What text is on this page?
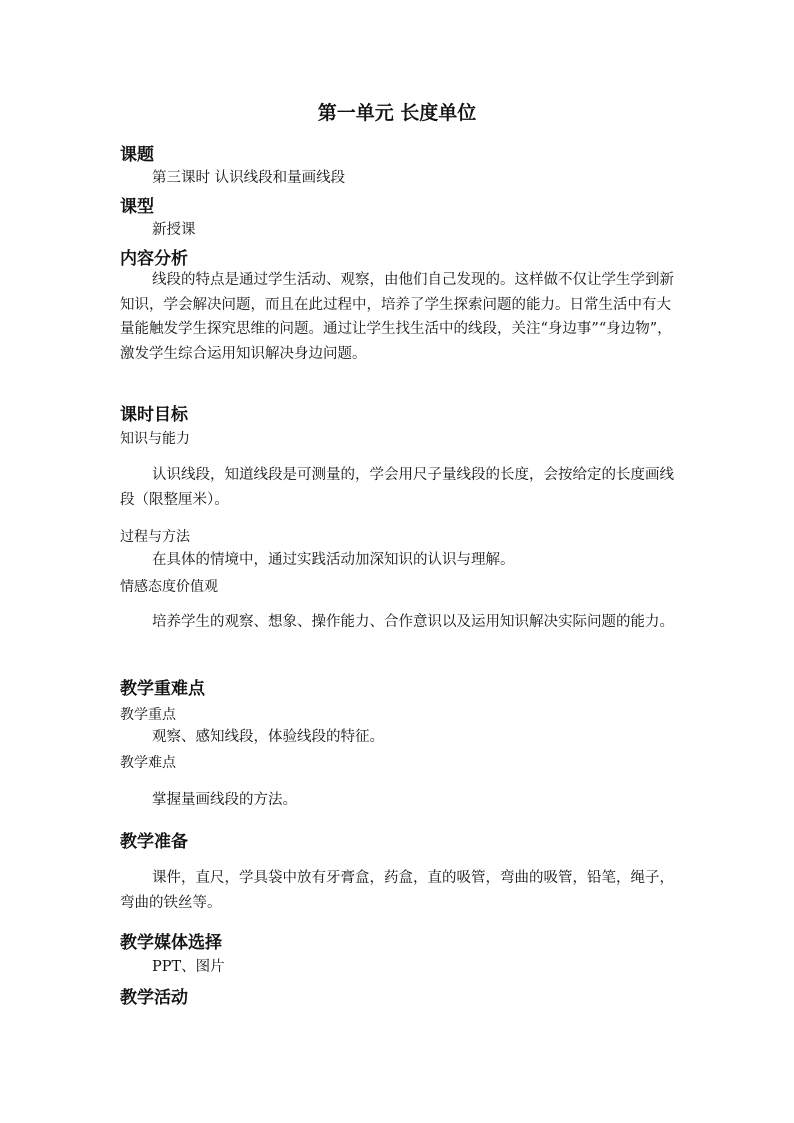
第一单元 长度单位
课题
第三课时 认识线段和量画线段
课型
新授课
内容分析
线段的特点是通过学生活动、观察，由他们自己发现的。这样做不仅让学生学到新知识，学会解决问题，而且在此过程中，培养了学生探索问题的能力。日常生活中有大量能触发学生探究思维的问题。通过让学生找生活中的线段，关注“身边事”“身边物”，激发学生综合运用知识解决身边问题。
课时目标
知识与能力
认识线段，知道线段是可测量的，学会用尺子量线段的长度，会按给定的长度画线段（限整厘米）。
过程与方法
在具体的情境中，通过实践活动加深知识的认识与理解。
情感态度价值观
培养学生的观察、想象、操作能力、合作意识以及运用知识解决实际问题的能力。
教学重难点
教学重点
观察、感知线段，体验线段的特征。
教学难点
掌握量画线段的方法。
教学准备
课件，直尺，学具袋中放有牙膏盒，药盒，直的吸管，弯曲的吸管，铅笔，绳子，弯曲的铁丝等。
教学媒体选择
PPT、图片
教学活动
